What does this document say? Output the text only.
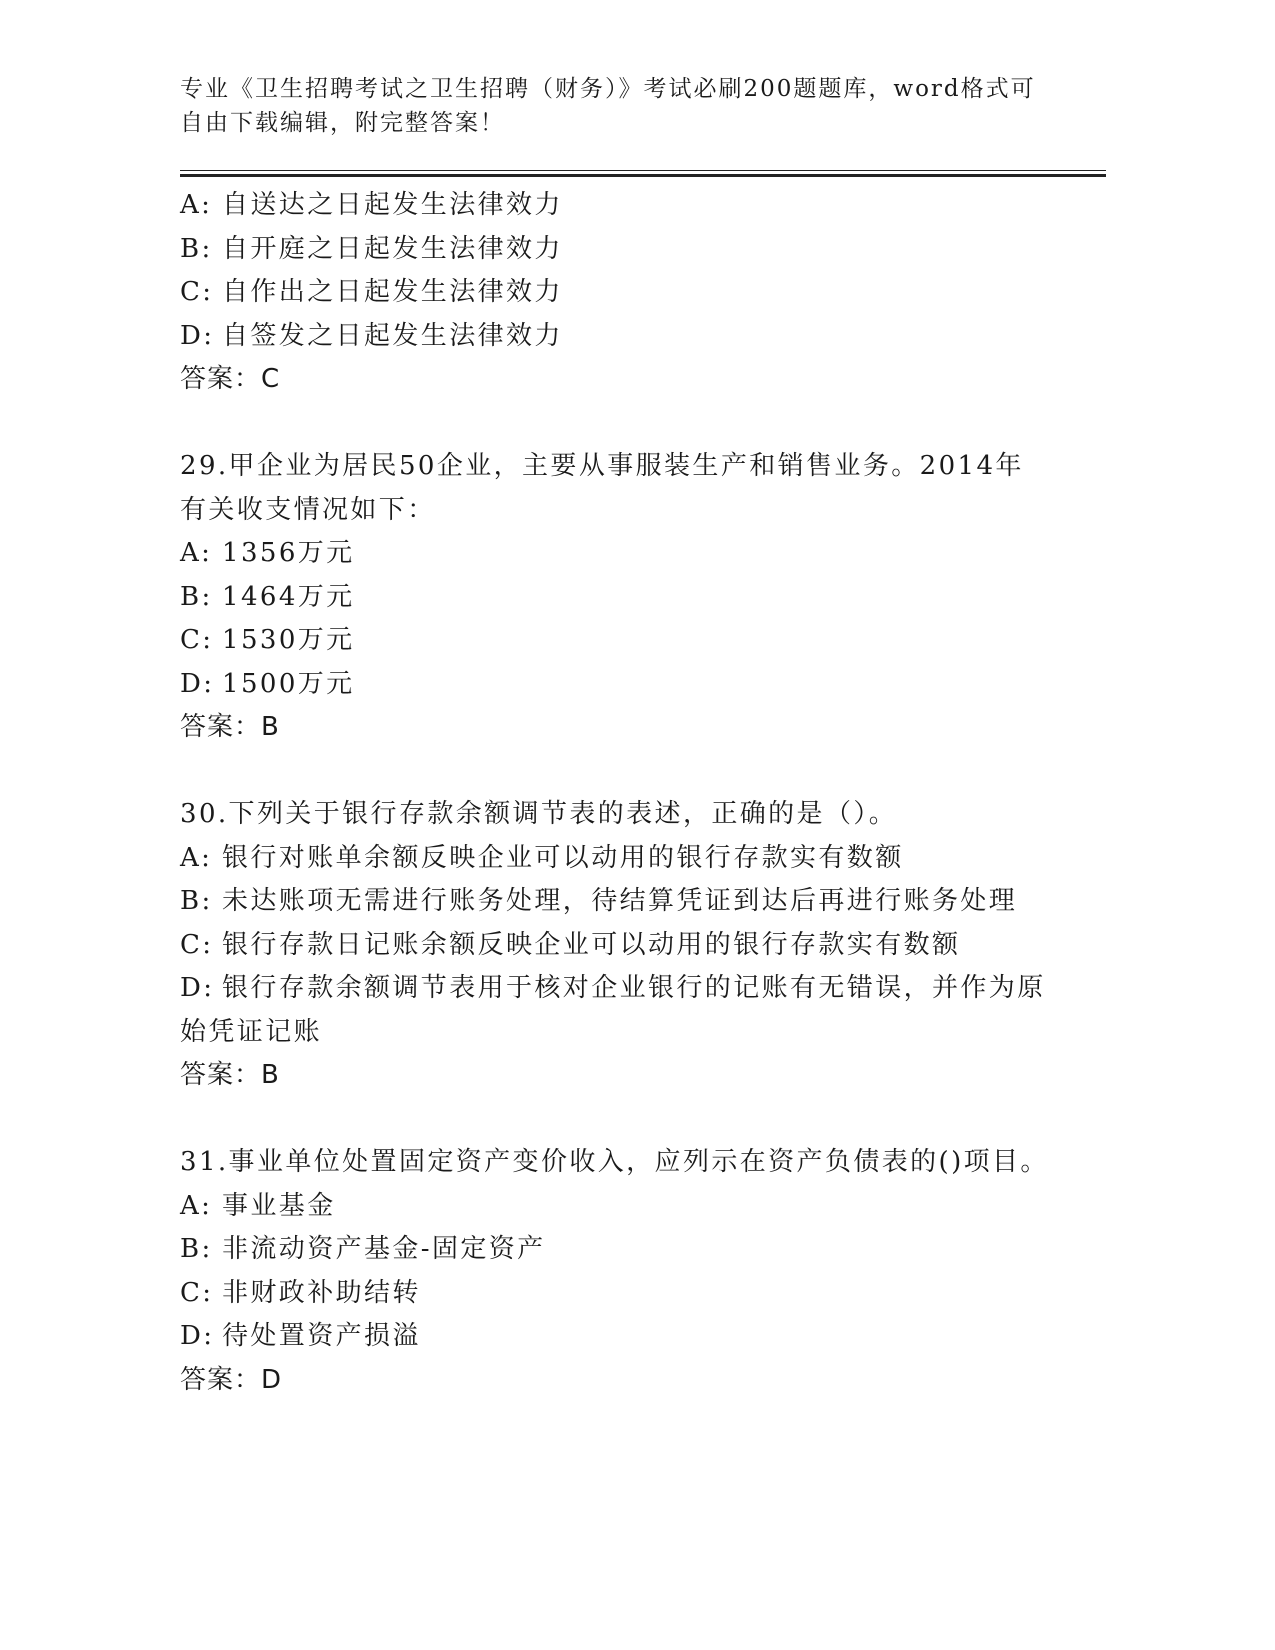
专业《卫生招聘考试之卫生招聘（财务）》考试必刷200题题库，word格式可自由下载编辑，附完整答案！
A: 自送达之日起发生法律效力
B: 自开庭之日起发生法律效力
C: 自作出之日起发生法律效力
D: 自签发之日起发生法律效力
答案：C
29.甲企业为居民50企业，主要从事服装生产和销售业务。2014年有关收支情况如下：
A: 1356万元
B: 1464万元
C: 1530万元
D: 1500万元
答案：B
30.下列关于银行存款余额调节表的表述，正确的是（）。
A: 银行对账单余额反映企业可以动用的银行存款实有数额
B: 未达账项无需进行账务处理，待结算凭证到达后再进行账务处理
C: 银行存款日记账余额反映企业可以动用的银行存款实有数额
D: 银行存款余额调节表用于核对企业银行的记账有无错误，并作为原始凭证记账
答案：B
31.事业单位处置固定资产变价收入，应列示在资产负债表的()项目。
A: 事业基金
B: 非流动资产基金-固定资产
C: 非财政补助结转
D: 待处置资产损溢
答案：D
